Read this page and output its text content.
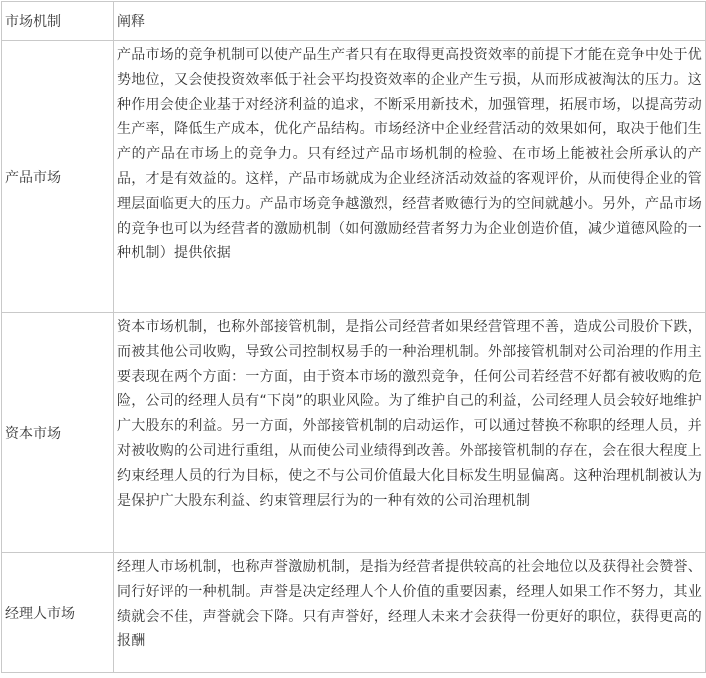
市场机制	阐释
产品市场	产品市场的竞争机制可以使产品生产者只有在取得更高投资效率的前提下才能在竞争中处于优势地位，又会使投资效率低于社会平均投资效率的企业产生亏损，从而形成被淘汰的压力。这种作用会使企业基于对经济利益的追求，不断采用新技术，加强管理，拓展市场，以提高劳动生产率，降低生产成本，优化产品结构。市场经济中企业经营活动的效果如何，取决于他们生产的产品在市场上的竞争力。只有经过产品市场机制的检验、在市场上能被社会所承认的产品，才是有效益的。这样，产品市场就成为企业经济活动效益的客观评价，从而使得企业的管理层面临更大的压力。产品市场竞争越激烈，经营者败德行为的空间就越小。另外，产品市场的竞争也可以为经营者的激励机制（如何激励经营者努力为企业创造价值，减少道德风险的一种机制）提供依据
资本市场	资本市场机制，也称外部接管机制，是指公司经营者如果经营管理不善，造成公司股价下跌，而被其他公司收购，导致公司控制权易手的一种治理机制。外部接管机制对公司治理的作用主要表现在两个方面：一方面，由于资本市场的激烈竞争，任何公司若经营不好都有被收购的危险，公司的经理人员有“下岗”的职业风险。为了维护自己的利益，公司经理人员会较好地维护广大股东的利益。另一方面，外部接管机制的启动运作，可以通过替换不称职的经理人员，并对被收购的公司进行重组，从而使公司业绩得到改善。外部接管机制的存在，会在很大程度上约束经理人员的行为目标，使之不与公司价值最大化目标发生明显偏离。这种治理机制被认为是保护广大股东利益、约束管理层行为的一种有效的公司治理机制
经理人市场	经理人市场机制，也称声誉激励机制，是指为经营者提供较高的社会地位以及获得社会赞誉、同行好评的一种机制。声誉是决定经理人个人价值的重要因素，经理人如果工作不努力，其业绩就会不佳，声誉就会下降。只有声誉好，经理人未来才会获得一份更好的职位，获得更高的报酬
